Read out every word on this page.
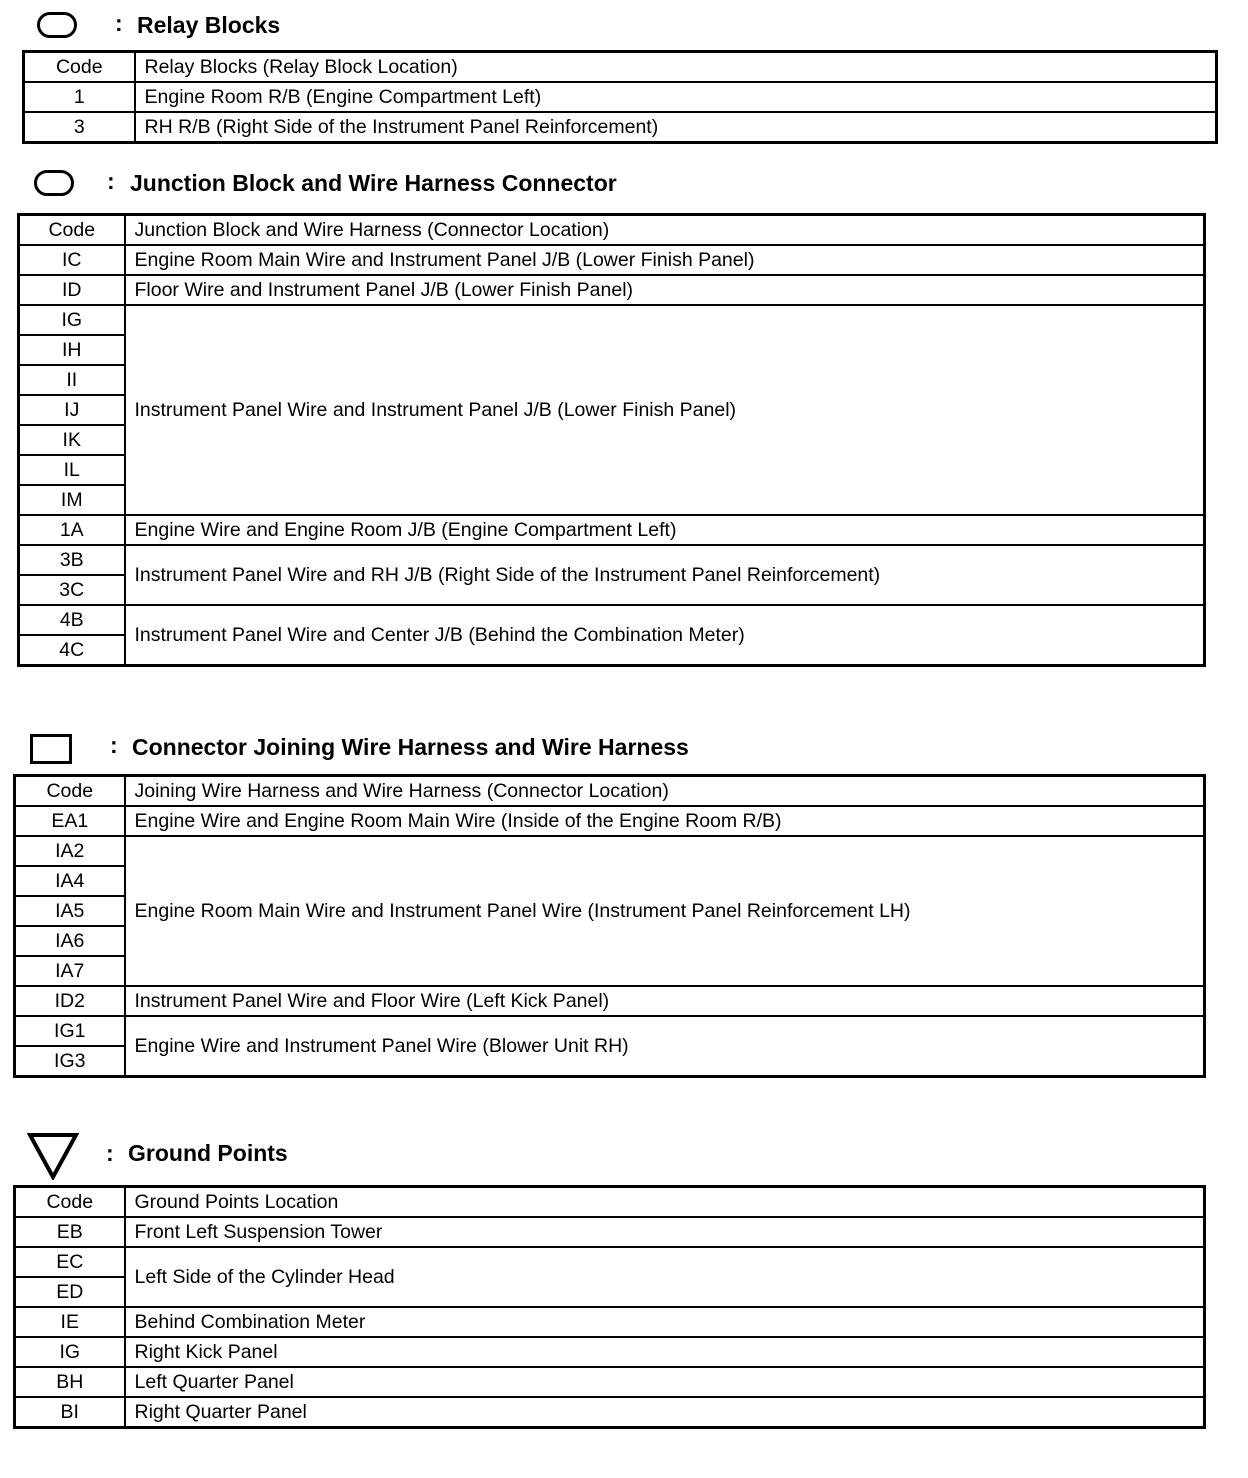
: Relay Blocks
Code	Relay Blocks (Relay Block Location)
1	Engine Room R/B (Engine Compartment Left)
3	RH R/B (Right Side of the Instrument Panel Reinforcement)
: Junction Block and Wire Harness Connector
Code	Junction Block and Wire Harness (Connector Location)
IC	Engine Room Main Wire and Instrument Panel J/B (Lower Finish Panel)
ID	Floor Wire and Instrument Panel J/B (Lower Finish Panel)
IG	Instrument Panel Wire and Instrument Panel J/B (Lower Finish Panel)
IH	
II	
IJ	
IK	
IL	
IM	
1A	Engine Wire and Engine Room J/B (Engine Compartment Left)
3B	Instrument Panel Wire and RH J/B (Right Side of the Instrument Panel Reinforcement)
3C	
4B	Instrument Panel Wire and Center J/B (Behind the Combination Meter)
4C	
: Connector Joining Wire Harness and Wire Harness
Code	Joining Wire Harness and Wire Harness (Connector Location)
EA1	Engine Wire and Engine Room Main Wire (Inside of the Engine Room R/B)
IA2	Engine Room Main Wire and Instrument Panel Wire (Instrument Panel Reinforcement LH)
IA4	
IA5	
IA6	
IA7	
ID2	Instrument Panel Wire and Floor Wire (Left Kick Panel)
IG1	Engine Wire and Instrument Panel Wire (Blower Unit RH)
IG3	
: Ground Points
Code	Ground Points Location
EB	Front Left Suspension Tower
EC	Left Side of the Cylinder Head
ED	
IE	Behind Combination Meter
IG	Right Kick Panel
BH	Left Quarter Panel
BI	Right Quarter Panel
